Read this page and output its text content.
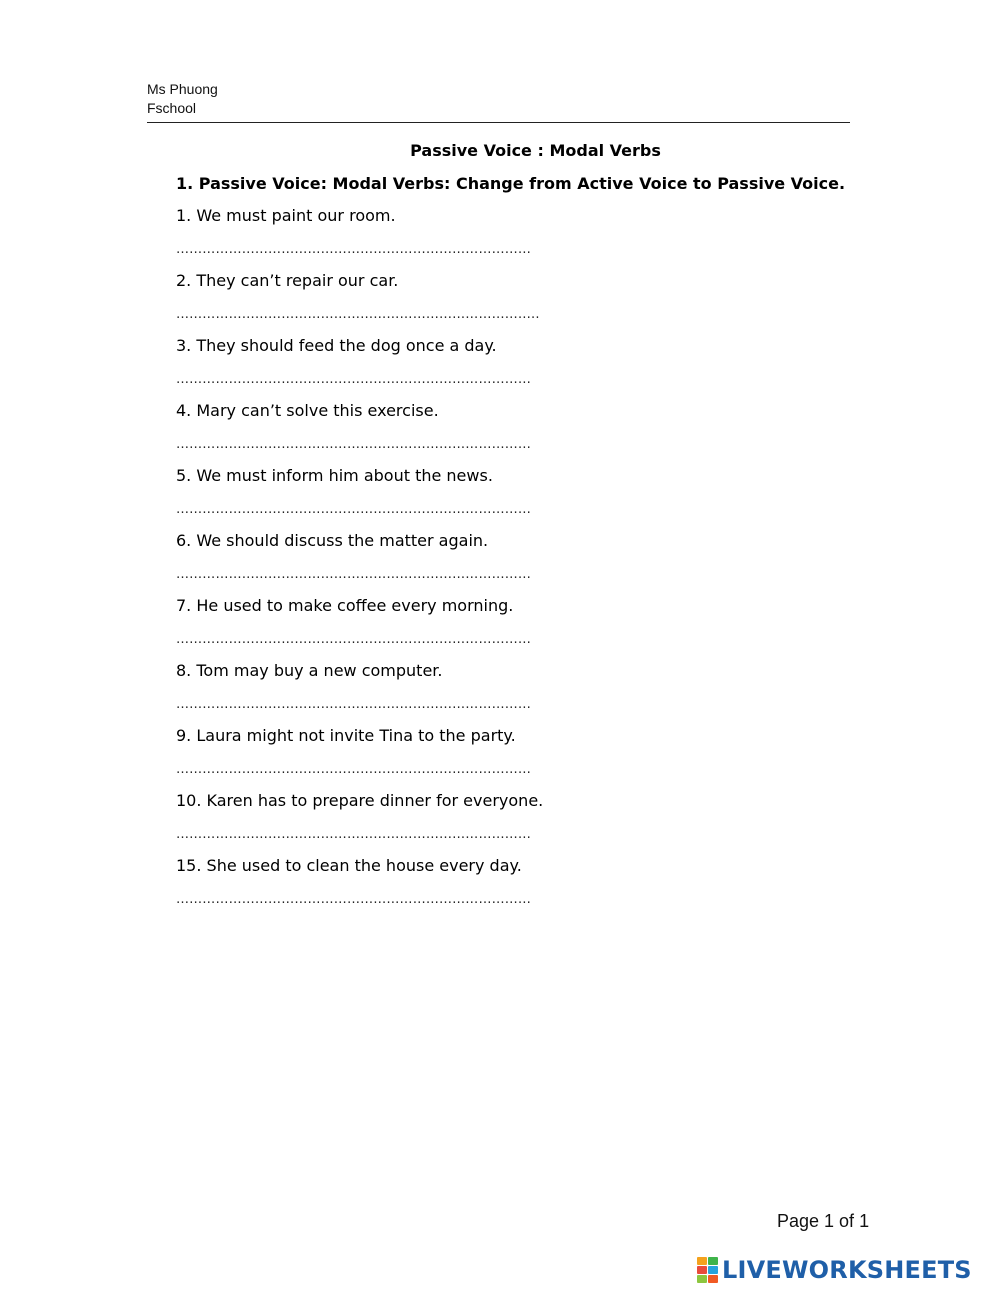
Ms Phuong
Fschool
Passive Voice : Modal Verbs
1. Passive Voice: Modal Verbs: Change from Active Voice to Passive Voice.
1. We must paint our room.
………………………………………………………………………
2. They can’t repair our car.
………………………………………………………………………..
3. They should feed the dog once a day.
………………………………………………………………………
4. Mary can’t solve this exercise.
………………………………………………………………………
5. We must inform him about the news.
………………………………………………………………………
6. We should discuss the matter again.
………………………………………………………………………
7. He used to make coffee every morning.
………………………………………………………………………
8. Tom may buy a new computer.
………………………………………………………………………
9. Laura might not invite Tina to the party.
………………………………………………………………………
10. Karen has to prepare dinner for everyone.
………………………………………………………………………
15. She used to clean the house every day.
………………………………………………………………………
Page 1 of 1
LIVEWORKSHEETS
